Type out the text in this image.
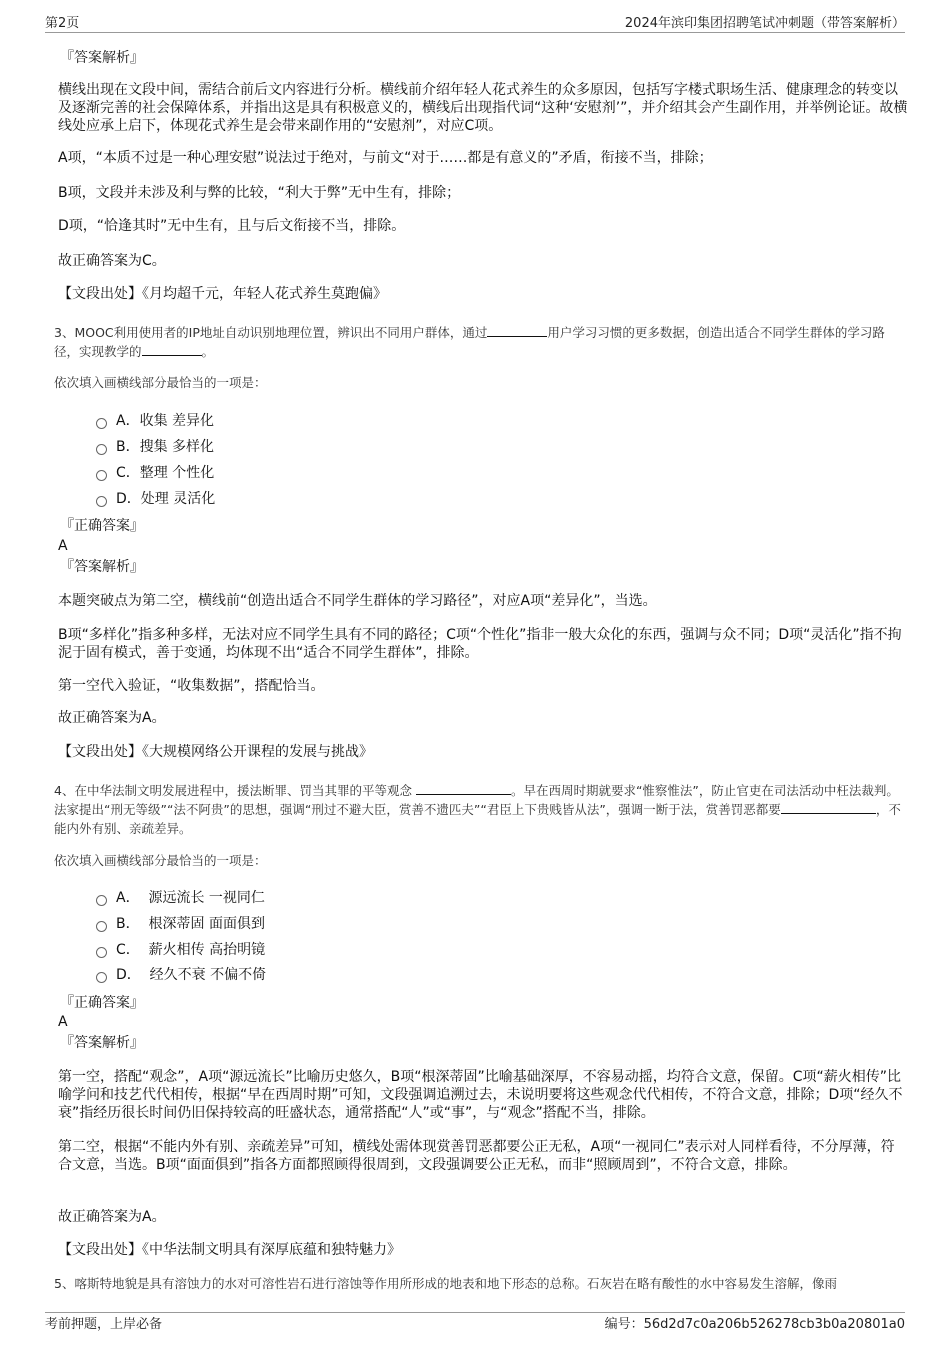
第2页	2024年滨印集团招聘笔试冲刺题（带答案解析）
『答案解析』
横线出现在文段中间，需结合前后文内容进行分析。横线前介绍年轻人花式养生的众多原因，包括写字楼式职场生活、健康理念的转变以及逐渐完善的社会保障体系，并指出这是具有积极意义的，横线后出现指代词“这种‘安慰剂’”，并介绍其会产生副作用，并举例论证。故横线处应承上启下，体现花式养生是会带来副作用的“安慰剂”，对应C项。
A项，“本质不过是一种心理安慰”说法过于绝对，与前文“对于……都是有意义的”矛盾，衔接不当，排除；
B项，文段并未涉及利与弊的比较，“利大于弊”无中生有，排除；
D项，“恰逢其时”无中生有，且与后文衔接不当，排除。
故正确答案为C。
【文段出处】《月均超千元，年轻人花式养生莫跑偏》
3、MOOC利用使用者的IP地址自动识别地理位置，辨识出不同用户群体，通过	用户学习习惯的更多数据，创造出适合不同学生群体的学习路径，实现教学的	。
依次填入画横线部分最恰当的一项是：
A．收集 差异化
B．搜集 多样化
C．整理 个性化
D．处理 灵活化
『正确答案』
A
『答案解析』
本题突破点为第二空，横线前“创造出适合不同学生群体的学习路径”，对应A项“差异化”，当选。
B项“多样化”指多种多样，无法对应不同学生具有不同的路径；C项“个性化”指非一般大众化的东西，强调与众不同；D项“灵活化”指不拘泥于固有模式，善于变通，均体现不出“适合不同学生群体”，排除。
第一空代入验证，“收集数据”，搭配恰当。
故正确答案为A。
【文段出处】《大规模网络公开课程的发展与挑战》
4、在中华法制文明发展进程中，援法断罪、罚当其罪的平等观念	。早在西周时期就要求“惟察惟法”，防止官吏在司法活动中枉法裁判。法家提出“刑无等级”“法不阿贵”的思想，强调“刑过不避大臣，赏善不遗匹夫”“君臣上下贵贱皆从法”，强调一断于法，赏善罚恶都要	，不能内外有别、亲疏差异。
依次填入画横线部分最恰当的一项是：
A．  源远流长 一视同仁
B．  根深蒂固 面面俱到
C．  薪火相传 高抬明镜
D．  经久不衰 不偏不倚
『正确答案』
A
『答案解析』
第一空，搭配“观念”，A项“源远流长”比喻历史悠久，B项“根深蒂固”比喻基础深厚，不容易动摇，均符合文意，保留。C项“薪火相传”比喻学问和技艺代代相传，根据“早在西周时期”可知，文段强调追溯过去，未说明要将这些观念代代相传，不符合文意，排除；D项“经久不衰”指经历很长时间仍旧保持较高的旺盛状态，通常搭配“人”或“事”，与“观念”搭配不当，排除。
第二空，根据“不能内外有别、亲疏差异”可知，横线处需体现赏善罚恶都要公正无私，A项“一视同仁”表示对人同样看待，不分厚薄，符合文意，当选。B项“面面俱到”指各方面都照顾得很周到，文段强调要公正无私，而非“照顾周到”，不符合文意，排除。
故正确答案为A。
【文段出处】《中华法制文明具有深厚底蕴和独特魅力》
5、喀斯特地貌是具有溶蚀力的水对可溶性岩石进行溶蚀等作用所形成的地表和地下形态的总称。石灰岩在略有酸性的水中容易发生溶解，像雨
考前押题，上岸必备	编号：56d2d7c0a206b526278cb3b0a20801a0
